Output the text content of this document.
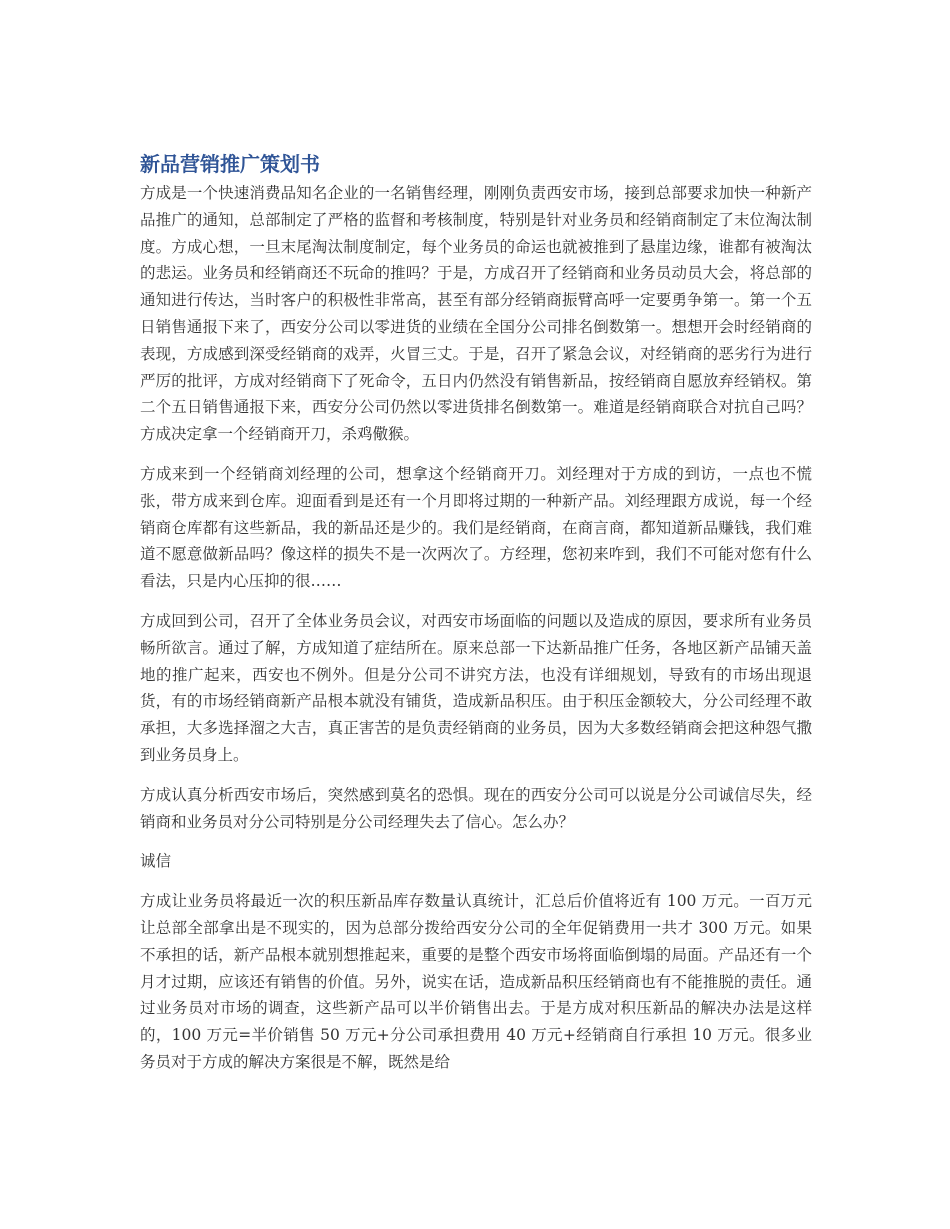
新品营销推广策划书

方成是一个快速消费品知名企业的一名销售经理，刚刚负责西安市场，接到总部要求加快一种新产品推广的通知，总部制定了严格的监督和考核制度，特别是针对业务员和经销商制定了末位淘汰制度。方成心想，一旦末尾淘汰制度制定，每个业务员的命运也就被推到了悬崖边缘，谁都有被淘汰的悲运。业务员和经销商还不玩命的推吗？于是，方成召开了经销商和业务员动员大会，将总部的通知进行传达，当时客户的积极性非常高，甚至有部分经销商振臂高呼一定要勇争第一。第一个五日销售通报下来了，西安分公司以零进货的业绩在全国分公司排名倒数第一。想想开会时经销商的表现，方成感到深受经销商的戏弄，火冒三丈。于是，召开了紧急会议，对经销商的恶劣行为进行严厉的批评，方成对经销商下了死命令，五日内仍然没有销售新品，按经销商自愿放弃经销权。第二个五日销售通报下来，西安分公司仍然以零进货排名倒数第一。难道是经销商联合对抗自己吗？方成决定拿一个经销商开刀，杀鸡儆猴。

方成来到一个经销商刘经理的公司，想拿这个经销商开刀。刘经理对于方成的到访，一点也不慌张，带方成来到仓库。迎面看到是还有一个月即将过期的一种新产品。刘经理跟方成说，每一个经销商仓库都有这些新品，我的新品还是少的。我们是经销商，在商言商，都知道新品赚钱，我们难道不愿意做新品吗？像这样的损失不是一次两次了。方经理，您初来咋到，我们不可能对您有什么看法，只是内心压抑的很……

方成回到公司，召开了全体业务员会议，对西安市场面临的问题以及造成的原因，要求所有业务员畅所欲言。通过了解，方成知道了症结所在。原来总部一下达新品推广任务，各地区新产品铺天盖地的推广起来，西安也不例外。但是分公司不讲究方法，也没有详细规划，导致有的市场出现退货，有的市场经销商新产品根本就没有铺货，造成新品积压。由于积压金额较大，分公司经理不敢承担，大多选择溜之大吉，真正害苦的是负责经销商的业务员，因为大多数经销商会把这种怨气撒到业务员身上。

方成认真分析西安市场后，突然感到莫名的恐惧。现在的西安分公司可以说是分公司诚信尽失，经销商和业务员对分公司特别是分公司经理失去了信心。怎么办？

诚信

方成让业务员将最近一次的积压新品库存数量认真统计，汇总后价值将近有 100 万元。一百万元让总部全部拿出是不现实的，因为总部分拨给西安分公司的全年促销费用一共才 300 万元。如果不承担的话，新产品根本就别想推起来，重要的是整个西安市场将面临倒塌的局面。产品还有一个月才过期，应该还有销售的价值。另外，说实在话，造成新品积压经销商也有不能推脱的责任。通过业务员对市场的调查，这些新产品可以半价销售出去。于是方成对积压新品的解决办法是这样的，100 万元=半价销售 50 万元+分公司承担费用 40 万元+经销商自行承担 10 万元。很多业务员对于方成的解决方案很是不解，既然是给
